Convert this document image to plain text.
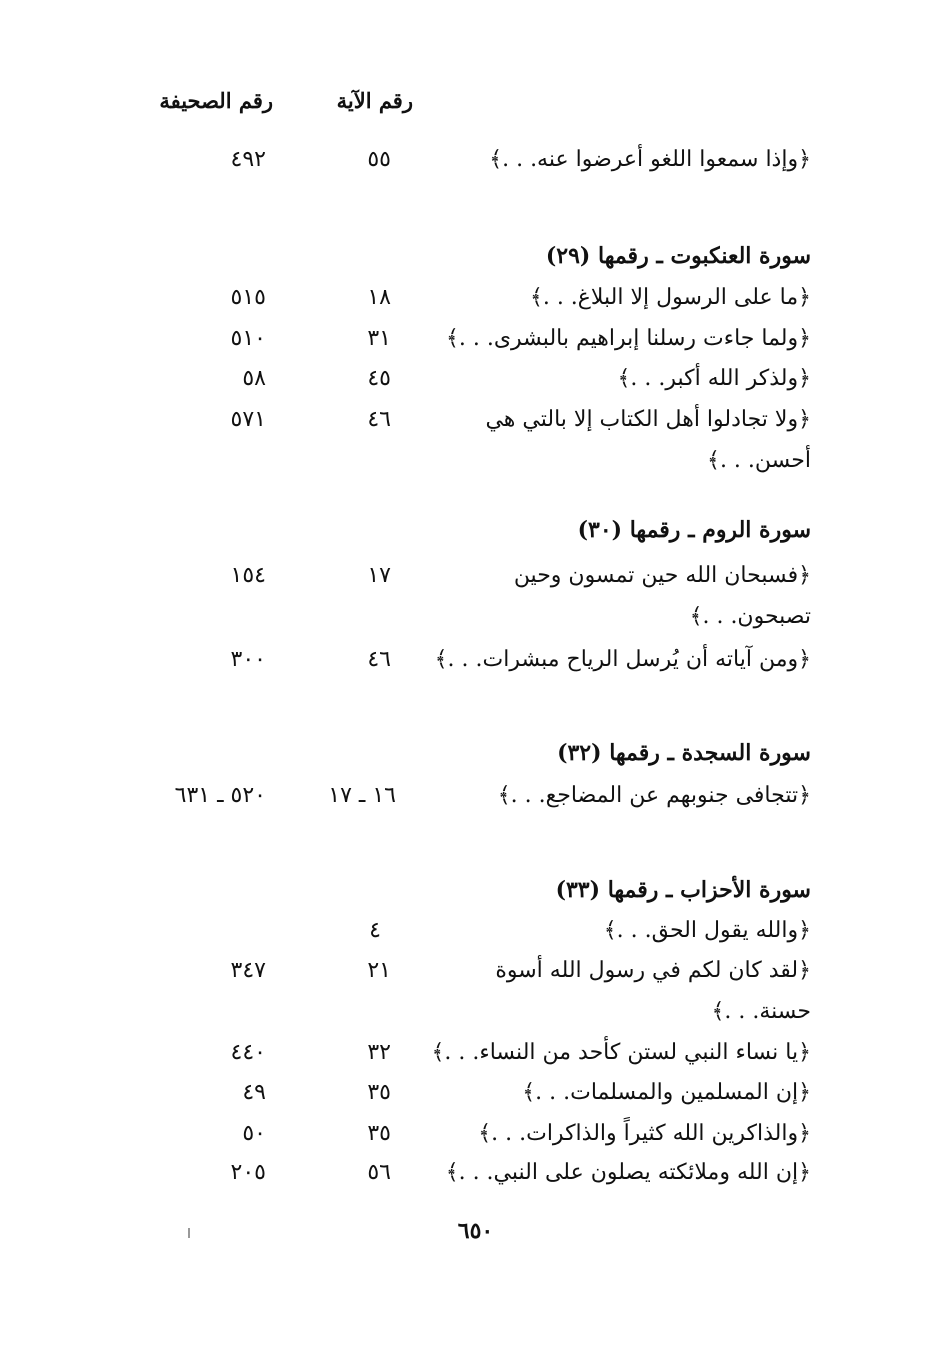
رقم الآية
رقم الصحيفة
﴿وإذا سمعوا اللغو أعرضوا عنه. . .﴾
٥٥
٤٩٢
سورة العنكبوت ـ رقمها (٢٩)
﴿ما على الرسول إلا البلاغ. . .﴾
١٨
٥١٥
﴿ولما جاءت رسلنا إبراهيم بالبشرى. . .﴾
٣١
٥١٠
﴿ولذكر الله أكبر. . .﴾
٤٥
٥٨
﴿ولا تجادلوا أهل الكتاب إلا بالتي هي
٤٦
٥٧١
أحسن. . .﴾
سورة الروم ـ رقمها (٣٠)
﴿فسبحان الله حين تمسون وحين
١٧
١٥٤
تصبحون. . .﴾
﴿ومن آياته أن يُرسل الرياح مبشرات. . .﴾
٤٦
٣٠٠
سورة السجدة ـ رقمها (٣٢)
﴿تتجافى جنوبهم عن المضاجع. . .﴾
١٦ ـ ١٧
٥٢٠ ـ ٦٣١
سورة الأحزاب ـ رقمها (٣٣)
﴿والله يقول الحق. . .﴾
٤
﴿لقد كان لكم في رسول الله أسوة
٢١
٣٤٧
حسنة. . .﴾
﴿يا نساء النبي لستن كأحد من النساء. . .﴾
٣٢
٤٤٠
﴿إن المسلمين والمسلمات. . .﴾
٣٥
٤٩
﴿والذاكرين الله كثيراً والذاكرات. . .﴾
٣٥
٥٠
﴿إن الله وملائكته يصلون على النبي. . .﴾
٥٦
٢٠٥
٦٥٠
